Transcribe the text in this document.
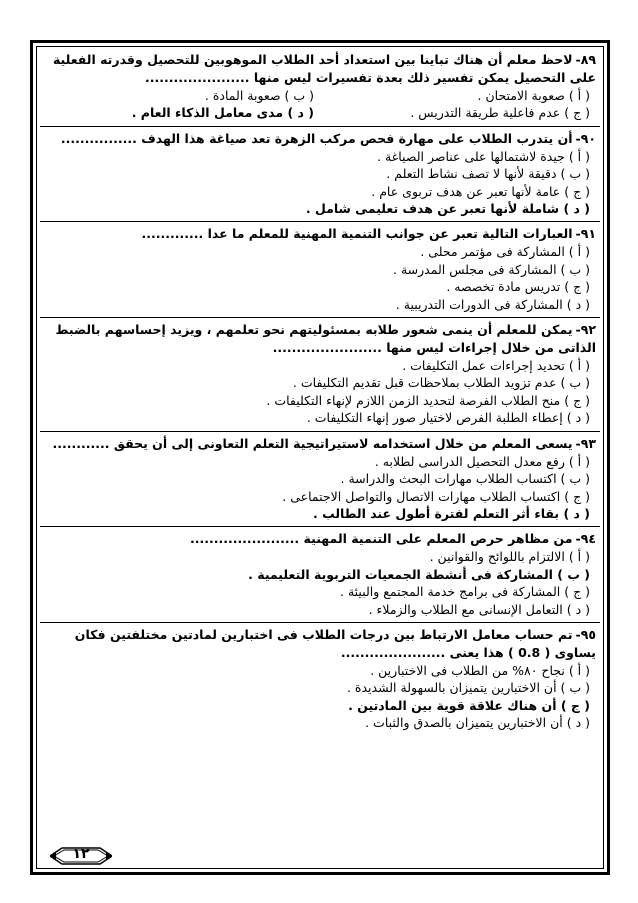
٨٩-لاحظ معلم أن هناك تباينا بين استعداد أحد الطلاب الموهوبين للتحصيل وقدرته الفعلية على التحصيل يمكن تفسير ذلك بعدة تفسيرات ليس منها ......................

( أ ) صعوبة الامتحان .
( ب ) صعوبة المادة .
( ج ) عدم فاعلية طريقة التدريس .
( د ) مدى معامل الذكاء العام .

٩٠-أن يتدرب الطلاب على مهارة فحص مركب الزهرة تعد صياغة هذا الهدف ................

( أ ) جيدة لاشتمالها على عناصر الصياغة .
( ب ) دقيقة لأنها لا تصف نشاط التعلم .
( ج ) عامة لأنها تعبر عن هدف تربوى عام .
( د ) شاملة لأنها تعبر عن هدف تعليمى شامل .

٩١-العبارات التالية تعبر عن جوانب التنمية المهنية للمعلم ما عدا .............

( أ ) المشاركة فى مؤتمر محلى .
( ب ) المشاركة فى مجلس المدرسة .
( ج ) تدريس مادة تخصصه .
( د ) المشاركة فى الدورات التدريبية .

٩٢-يمكن للمعلم أن ينمى شعور طلابه بمسئوليتهم نحو تعلمهم ، ويزيد إحساسهم بالضبط الذاتى من خلال إجراءات ليس منها .......................

( أ ) تحديد إجراءات عمل التكليفات .
( ب ) عدم تزويد الطلاب بملاحظات قبل تقديم التكليفات .
( ج ) منح الطلاب الفرصة لتحديد الزمن اللازم لإنهاء التكليفات .
( د ) إعطاء الطلبة الفرص لاختيار صور إنهاء التكليفات .

٩٣-يسعى المعلم من خلال استخدامه لاستيراتيجية التعلم التعاونى إلى أن يحقق ............

( أ ) رفع معدل التحصيل الدراسى لطلابه .
( ب ) اكتساب الطلاب مهارات البحث والدراسة .
( ج ) اكتساب الطلاب مهارات الاتصال والتواصل الاجتماعى .
( د ) بقاء أثر التعلم لفترة أطول عند الطالب .

٩٤-من مظاهر حرص المعلم على التنمية المهنية .......................

( أ ) الالتزام باللوائح والقوانين .
( ب ) المشاركة فى أنشطة الجمعيات التربوية التعليمية .
( ج ) المشاركة فى برامج خدمة المجتمع والبيئة .
( د ) التعامل الإنسانى مع الطلاب والزملاء .

٩٥-تم حساب معامل الارتباط بين درجات الطلاب فى اختبارين لمادتين مختلفتين فكان يساوى ( 0.8 ) هذا يعنى ......................

( أ ) نجاح ٨٠% من الطلاب فى الاختبارين .
( ب ) أن الاختبارين يتميزان بالسهولة الشديدة .
( ج ) أن هناك علاقة قوية بين المادتين .
( د ) أن الاختبارين يتميزان بالصدق والثبات .
١٢
